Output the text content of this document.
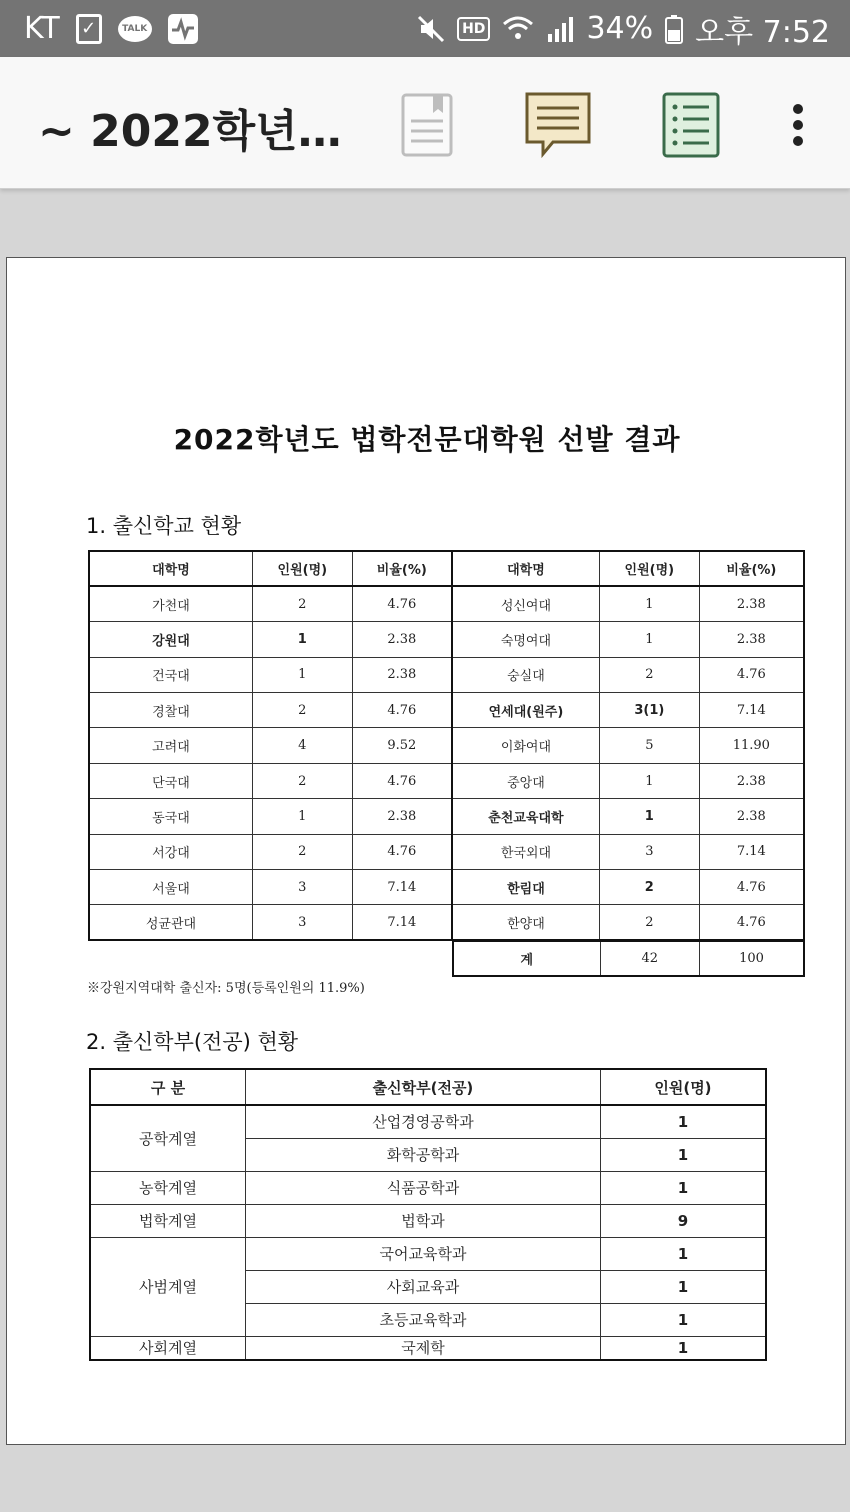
KT	✓	TALK	HD	34% 오후 7:52
~ 2022학년…
2022학년도 법학전문대학원 선발 결과
1. 출신학교 현황
대학명	인원(명)	비율(%)	대학명	인원(명)	비율(%)
가천대	2	4.76	성신여대	1	2.38
강원대	1	2.38	숙명여대	1	2.38
건국대	1	2.38	숭실대	2	4.76
경찰대	2	4.76	연세대(원주)	3(1)	7.14
고려대	4	9.52	이화여대	5	11.90
단국대	2	4.76	중앙대	1	2.38
동국대	1	2.38	춘천교육대학	1	2.38
서강대	2	4.76	한국외대	3	7.14
서울대	3	7.14	한림대	2	4.76
성균관대	3	7.14	한양대	2	4.76
계	42	100
※강원지역대학 출신자: 5명(등록인원의 11.9%)
2. 출신학부(전공) 현황
구 분	출신학부(전공)	인원(명)
공학계열	산업경영공학과	1
	화학공학과	1
농학계열	식품공학과	1
법학계열	법학과	9
사범계열	국어교육학과	1
	사회교육과	1
	초등교육학과	1
사회계열	국제학	1
